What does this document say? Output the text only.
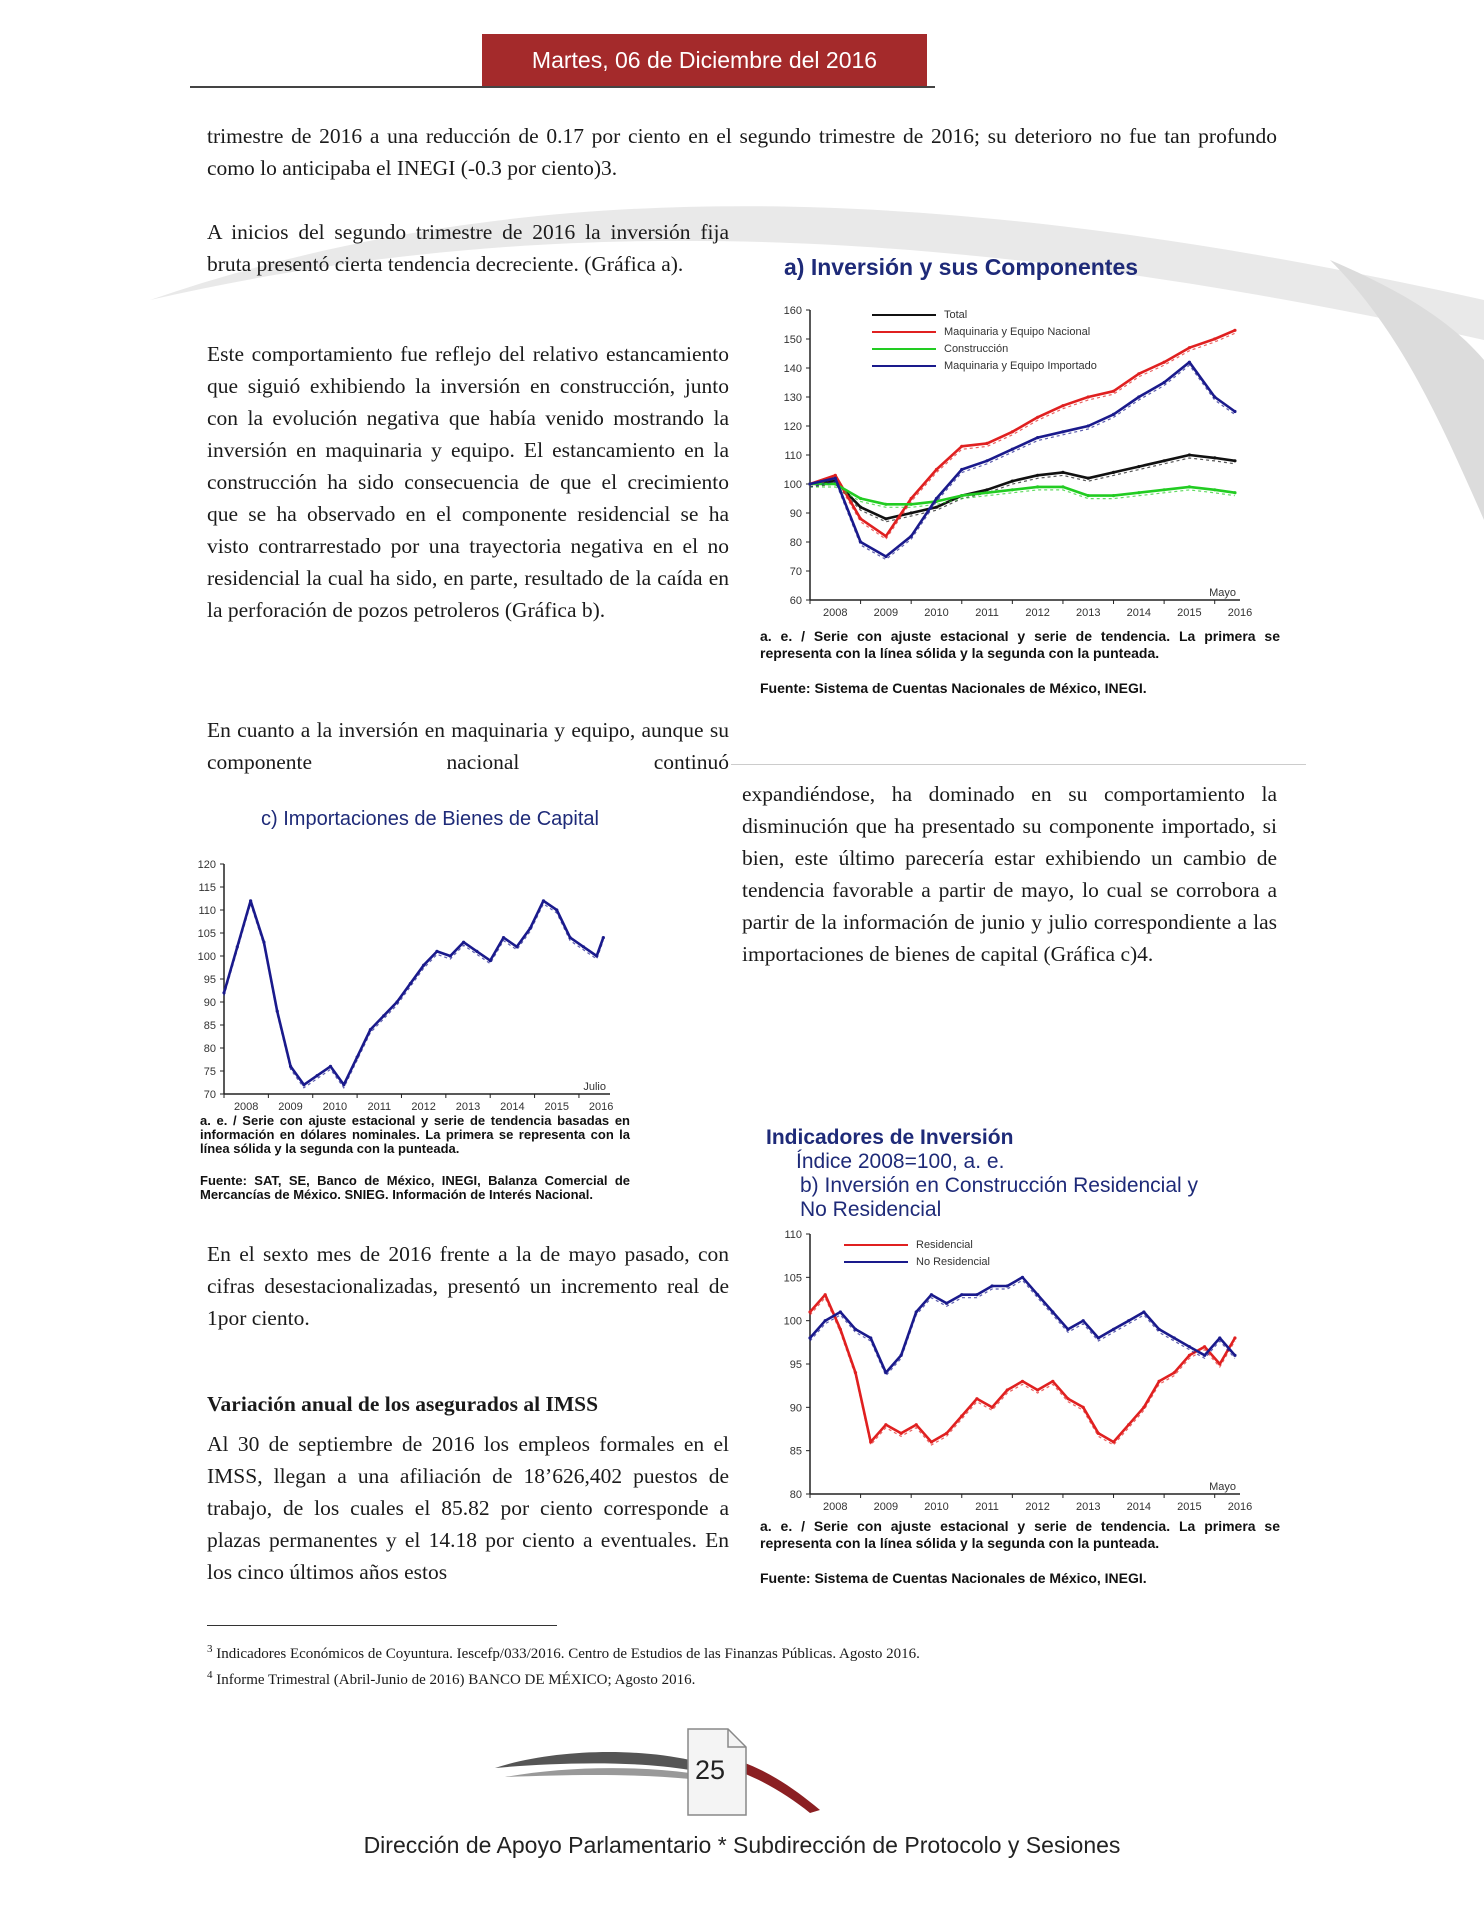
Martes, 06 de Diciembre del 2016
trimestre de 2016 a una reducción de 0.17 por ciento en el segundo trimestre de 2016; su deterioro no fue tan profundo como lo anticipaba el INEGI (-0.3 por ciento)3.
A inicios del segundo trimestre de 2016 la inversión fija bruta presentó cierta tendencia decreciente. (Gráfica a).
Este comportamiento fue reflejo del relativo estancamiento que siguió exhibiendo la inversión en construcción, junto con la evolución negativa que había venido mostrando la inversión en maquinaria y equipo. El estancamiento en la construcción ha sido consecuencia de que el crecimiento que se ha observado en el componente residencial se ha visto contrarrestado por una trayectoria negativa en el no residencial la cual ha sido, en parte, resultado de la caída en la perforación de pozos petroleros (Gráfica b).
En cuanto a la inversión en maquinaria y equipo, aunque su componente nacional continuó
expandiéndose, ha dominado en su comportamiento la disminución que ha presentado su componente importado, si bien, este último parecería estar exhibiendo un cambio de tendencia favorable a partir de mayo, lo cual se corrobora a partir de la información de junio y julio correspondiente a las importaciones de bienes de capital (Gráfica c)4.
En el sexto mes de 2016 frente a la de mayo pasado, con cifras desestacionalizadas, presentó un incremento real de 1por ciento.
Variación anual de los asegurados al IMSS
Al 30 de septiembre de 2016 los empleos formales en el IMSS, llegan a una afiliación de 18’626,402 puestos de trabajo, de los cuales el 85.82 por ciento corresponde a plazas permanentes y el 14.18 por ciento a eventuales. En los cinco últimos años estos
a) Inversión y sus Componentes
60
70
80
90
100
110
120
130
140
150
160
2008 2009 2010 2011 2012 2013 2014 2015 2016
Mayo
Total
Maquinaria y Equipo Nacional
Construcción
Maquinaria y Equipo Importado
a. e. / Serie con ajuste estacional y serie de tendencia. La primera se representa con la línea sólida y la segunda con la punteada.
Fuente: Sistema de Cuentas Nacionales de México, INEGI.
c) Importaciones de Bienes de Capital
70
75
80
85
90
95
100
105
110
115
120
2008 2009 2010 2011 2012 2013 2014 2015 2016
Julio
a. e. / Serie con ajuste estacional y serie de tendencia basadas en información en dólares nominales. La primera se representa con la línea sólida y la segunda con la punteada.
Fuente: SAT, SE, Banco de México, INEGI, Balanza Comercial de Mercancías de México. SNIEG. Información de Interés Nacional.
Indicadores de Inversión
Índice 2008=100, a. e.
b) Inversión en Construcción Residencial y No Residencial
80
85
90
95
100
105
110
2008 2009 2010 2011 2012 2013 2014 2015 2016
Mayo
Residencial
No Residencial
a. e. / Serie con ajuste estacional y serie de tendencia. La primera se representa con la línea sólida y la segunda con la punteada.
Fuente: Sistema de Cuentas Nacionales de México, INEGI.
$^3$ Indicadores Económicos de Coyuntura. Iescefp/033/2016. Centro de Estudios de las Finanzas Públicas. Agosto 2016.
$^4$ Informe Trimestral (Abril-Junio de 2016) BANCO DE MÉXICO; Agosto 2016.
25
Dirección de Apoyo Parlamentario * Subdirección de Protocolo y Sesiones
